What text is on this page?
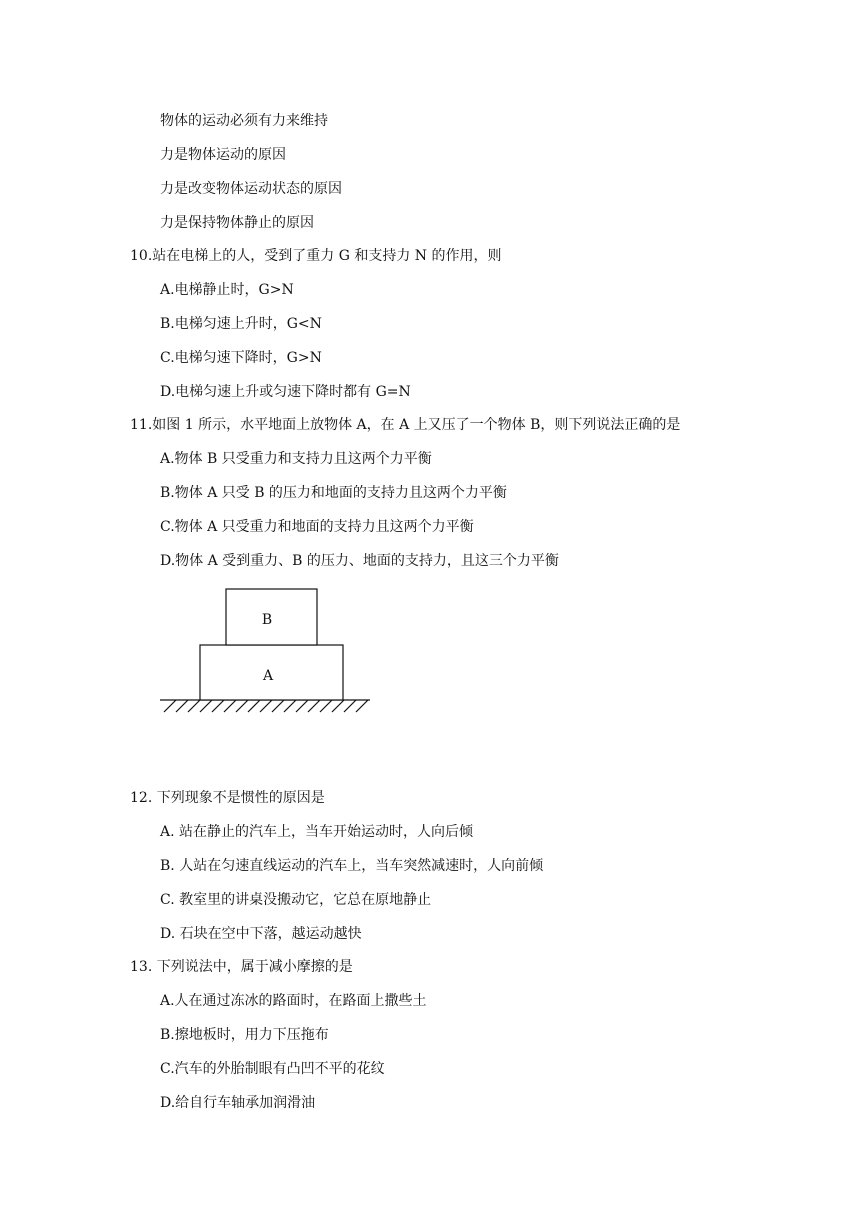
物体的运动必须有力来维持
力是物体运动的原因
力是改变物体运动状态的原因
力是保持物体静止的原因
10.站在电梯上的人，受到了重力 G 和支持力 N 的作用，则
A.电梯静止时，G>N
B.电梯匀速上升时，G<N
C.电梯匀速下降时，G>N
D.电梯匀速上升或匀速下降时都有 G=N
11.如图 1 所示，水平地面上放物体 A，在 A 上又压了一个物体 B，则下列说法正确的是
A.物体 B 只受重力和支持力且这两个力平衡
B.物体 A 只受 B 的压力和地面的支持力且这两个力平衡
C.物体 A 只受重力和地面的支持力且这两个力平衡
D.物体 A 受到重力、B 的压力、地面的支持力，且这三个力平衡
B
A
12. 下列现象不是惯性的原因是
A. 站在静止的汽车上，当车开始运动时，人向后倾
B. 人站在匀速直线运动的汽车上，当车突然减速时，人向前倾
C. 教室里的讲桌没搬动它，它总在原地静止
D. 石块在空中下落，越运动越快
13. 下列说法中，属于减小摩擦的是
A.人在通过冻冰的路面时，在路面上撒些土
B.擦地板时，用力下压拖布
C.汽车的外胎制眼有凸凹不平的花纹
D.给自行车轴承加润滑油
